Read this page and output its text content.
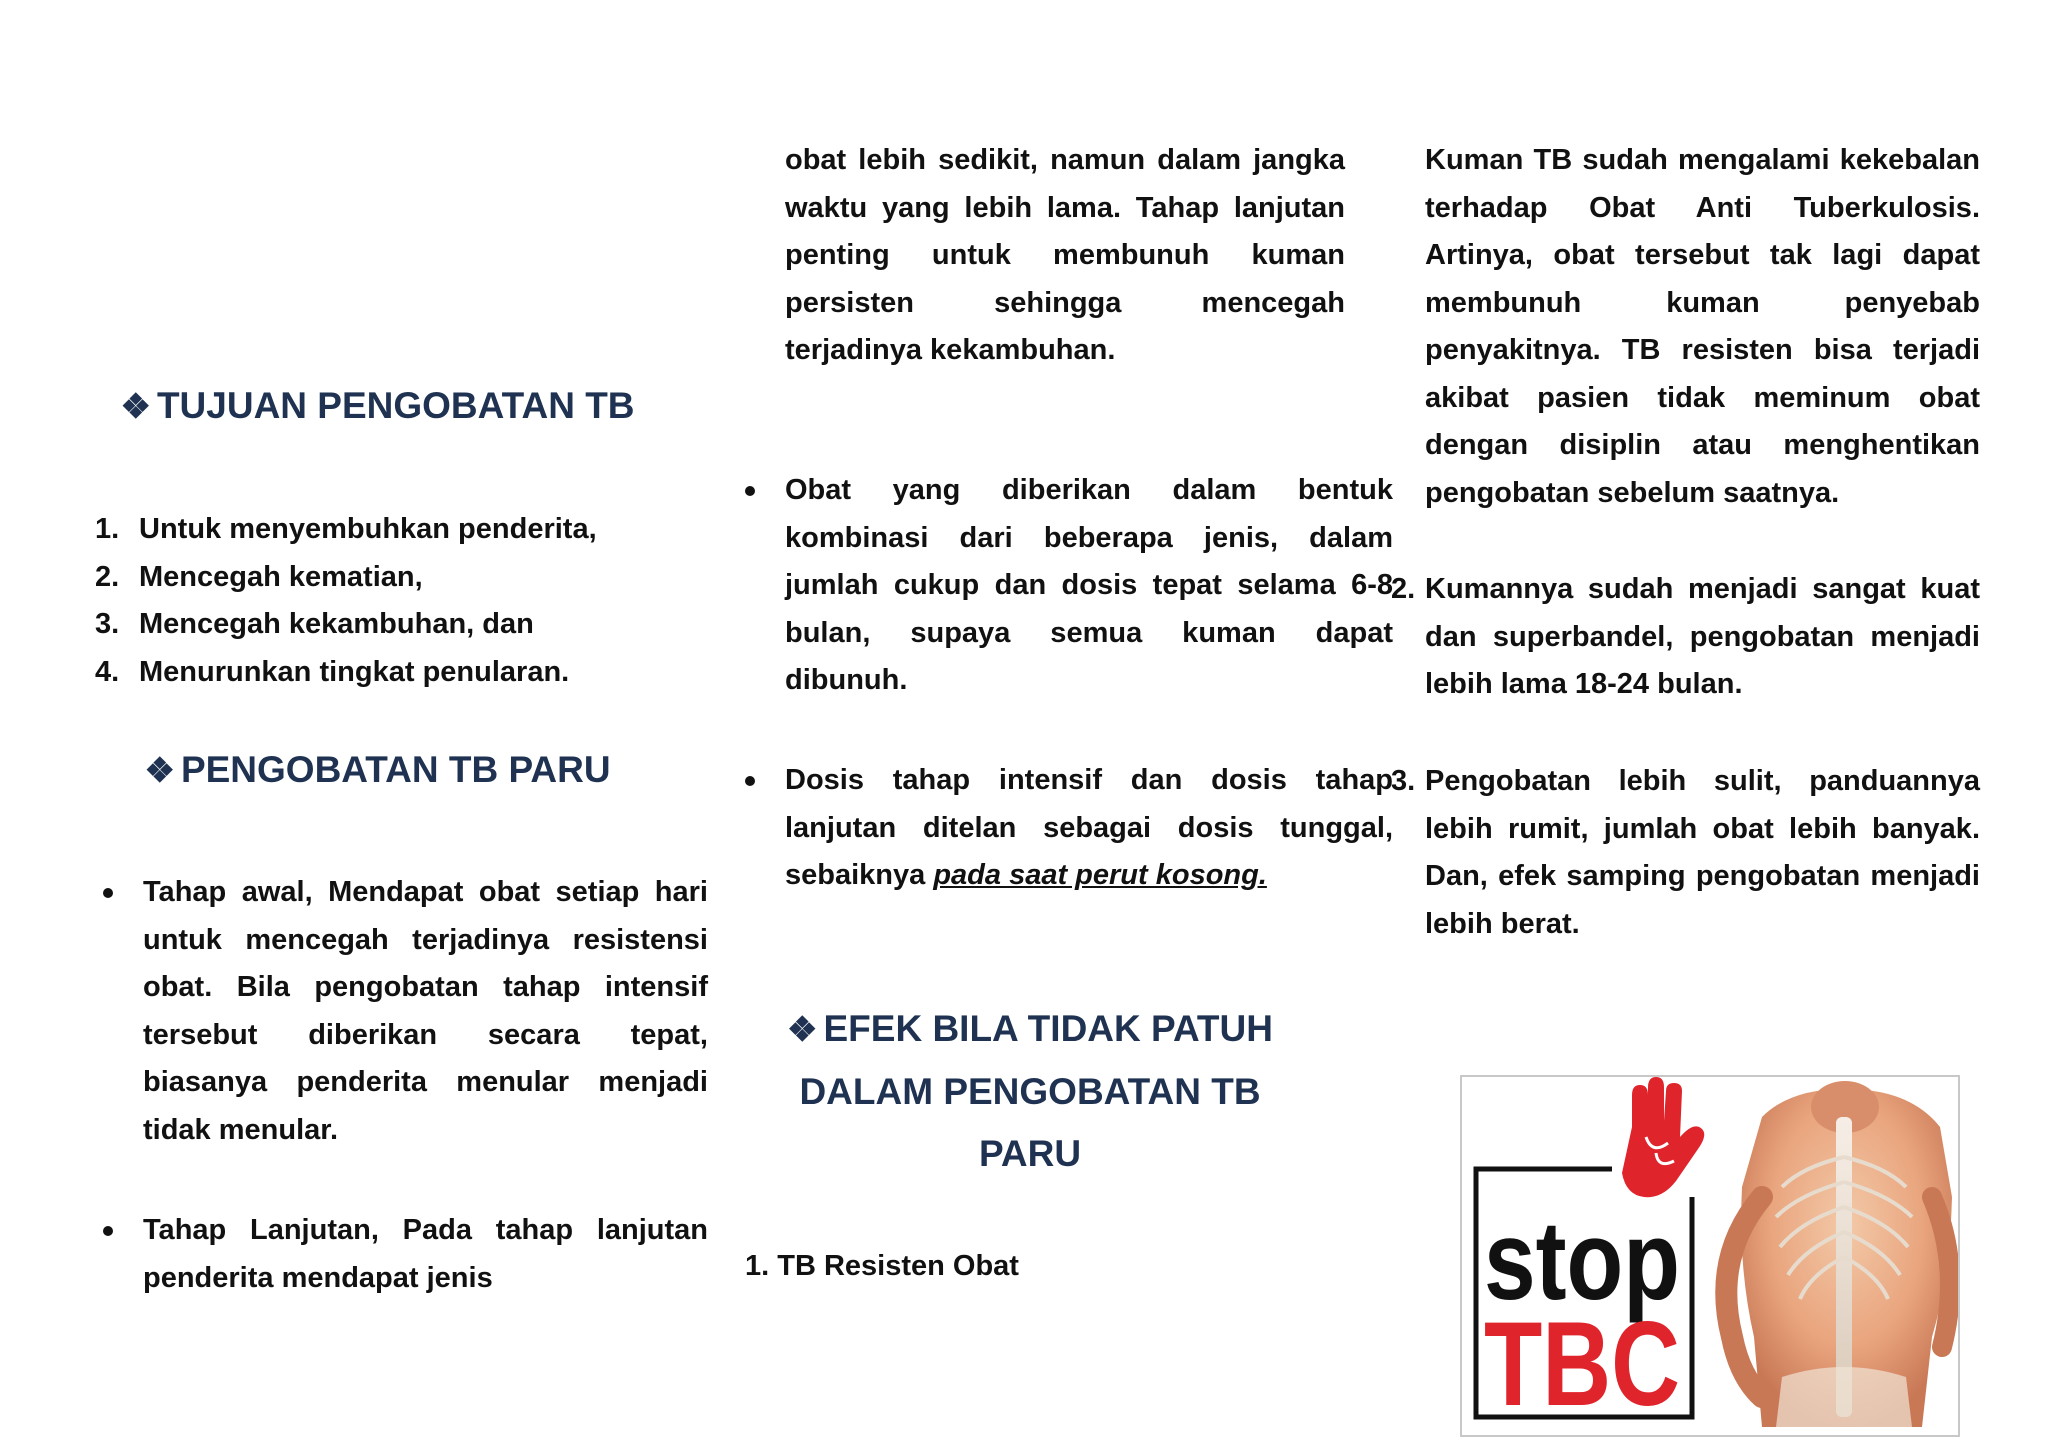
❖ TUJUAN PENGOBATAN TB
1. Untuk menyembuhkan penderita,
2. Mencegah kematian,
3. Mencegah kekambuhan, dan
4. Menurunkan tingkat penularan.
❖ PENGOBATAN TB PARU
Tahap awal, Mendapat obat setiap hari untuk mencegah terjadinya resistensi obat. Bila pengobatan tahap intensif tersebut diberikan secara tepat, biasanya penderita menular menjadi tidak menular.
Tahap Lanjutan, Pada tahap lanjutan penderita mendapat jenis

obat lebih sedikit, namun dalam jangka waktu yang lebih lama. Tahap lanjutan penting untuk membunuh kuman persisten sehingga mencegah terjadinya kekambuhan.

Obat yang diberikan dalam bentuk kombinasi dari beberapa jenis, dalam jumlah cukup dan dosis tepat selama 6-8 bulan, supaya semua kuman dapat dibunuh.
Dosis tahap intensif dan dosis tahap lanjutan ditelan sebagai dosis tunggal, sebaiknya pada saat perut kosong.
❖ EFEK BILA TIDAK PATUH
DALAM PENGOBATAN TB
PARU

1. TB Resisten Obat

Kuman TB sudah mengalami kekebalan terhadap Obat Anti Tuberkulosis. Artinya, obat tersebut tak lagi dapat membunuh kuman penyebab penyakitnya. TB resisten bisa terjadi akibat pasien tidak meminum obat dengan disiplin atau menghentikan pengobatan sebelum saatnya.

2. Kumannya sudah menjadi sangat kuat dan superbandel, pengobatan menjadi lebih lama 18-24 bulan.
3. Pengobatan lebih sulit, panduannya lebih rumit, jumlah obat lebih banyak. Dan, efek samping pengobatan menjadi lebih berat.
stop
TBC
